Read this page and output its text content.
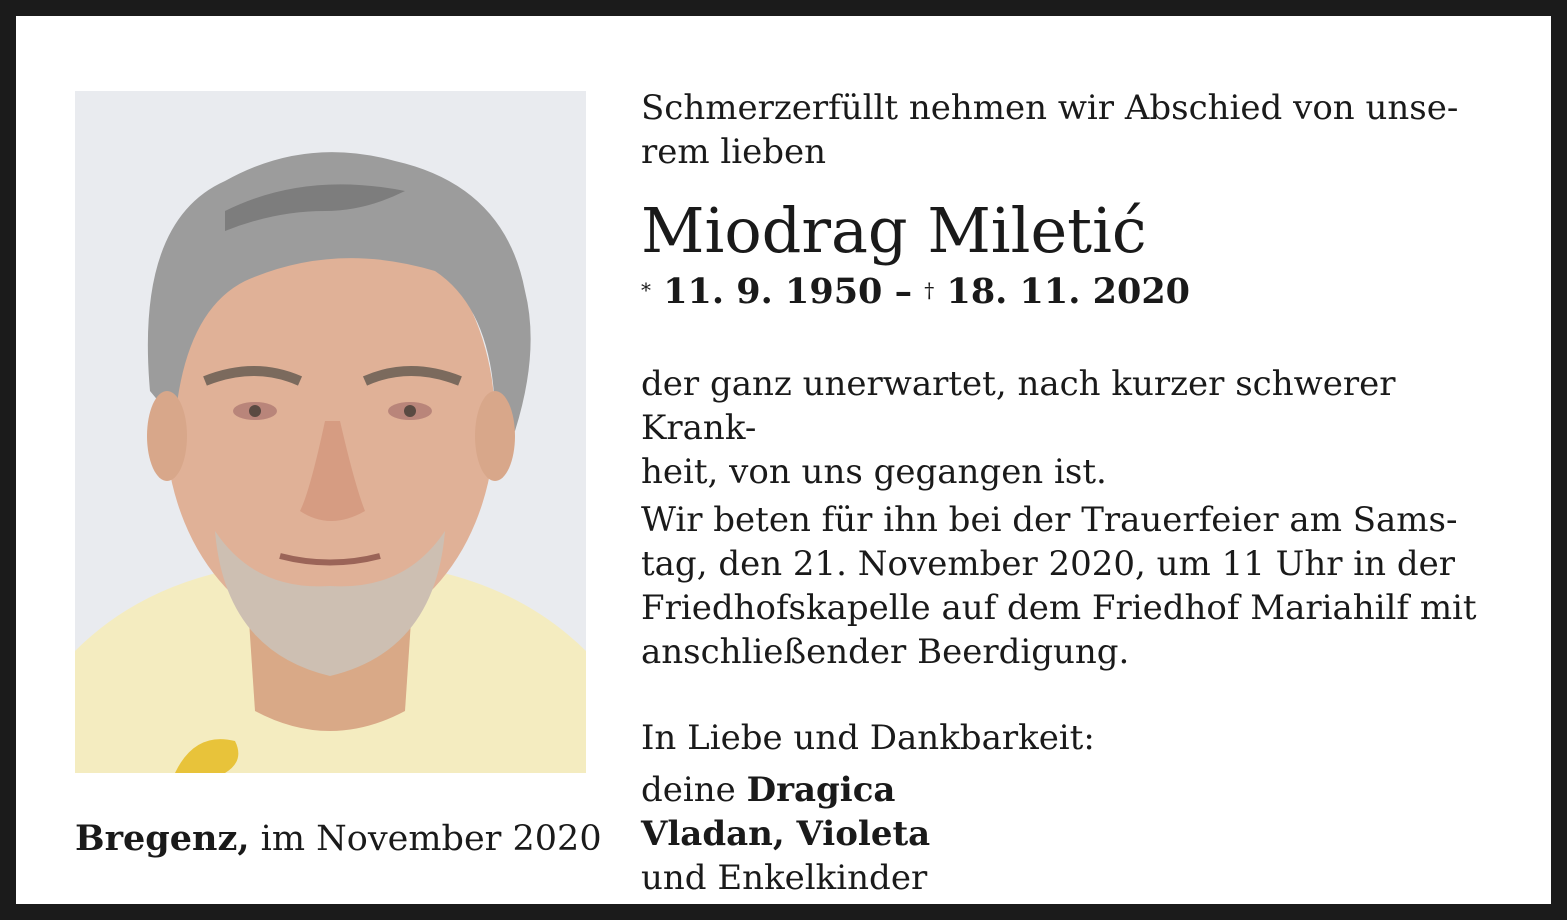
Bregenz, im November 2020
Schmerzerfüllt nehmen wir Abschied von unse-
rem lieben
Miodrag Miletić
* 11. 9. 1950 – † 18. 11. 2020
der ganz unerwartet, nach kurzer schwerer Krank-
heit, von uns gegangen ist.
Wir beten für ihn bei der Trauerfeier am Sams-
tag, den 21. November 2020, um 11 Uhr in der
Friedhofskapelle auf dem Friedhof Mariahilf mit
anschließender Beerdigung.
In Liebe und Dankbarkeit:
deine Dragica
Vladan, Violeta
und Enkelkinder
